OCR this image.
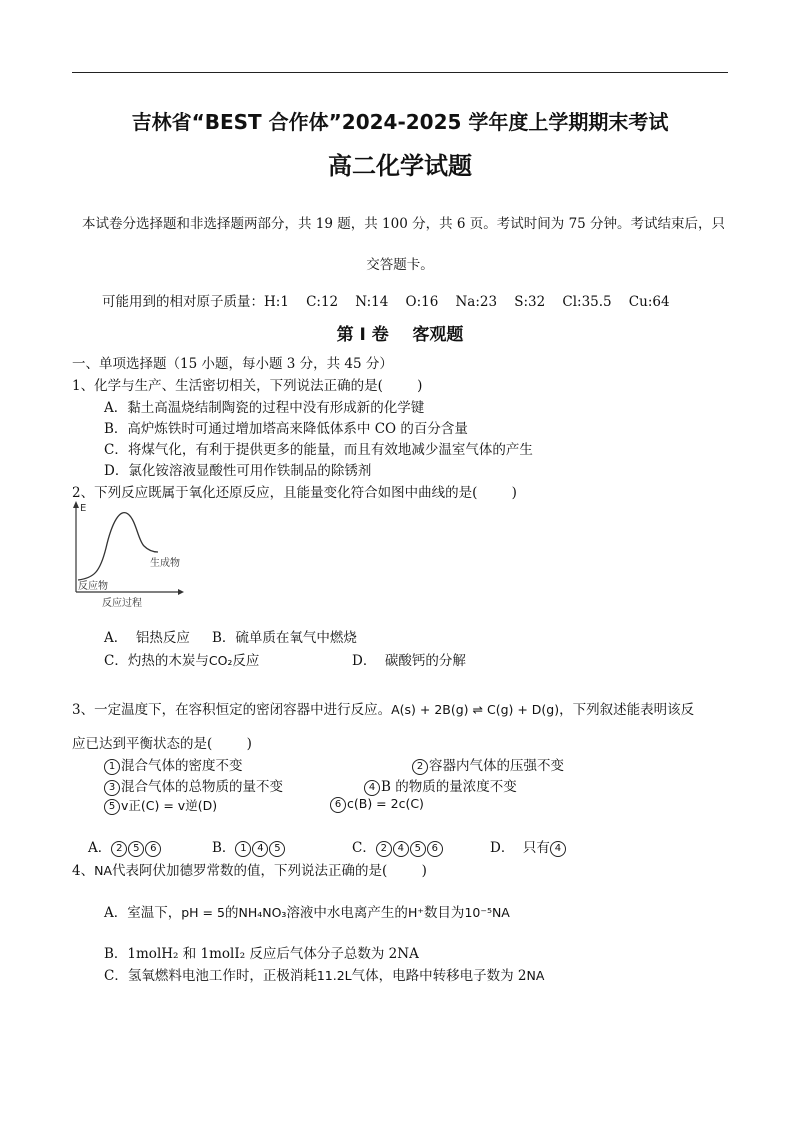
吉林省“BEST 合作体”2024-2025 学年度上学期期末考试
高二化学试题
本试卷分选择题和非选择题两部分，共 19 题，共 100 分，共 6 页。考试时间为 75 分钟。考试结束后，只
交答题卡。
可能用到的相对原子质量：H:1    C:12    N:14    O:16    Na:23    S:32    Cl:35.5    Cu:64
第 Ⅰ 卷    客观题
一、单项选择题（15 小题，每小题 3 分，共 45 分）
1、化学与生产、生活密切相关，下列说法正确的是(        )
A．黏土高温烧结制陶瓷的过程中没有形成新的化学键
B．高炉炼铁时可通过增加塔高来降低体系中 CO 的百分含量
C．将煤气化，有利于提供更多的能量，而且有效地减少温室气体的产生
D．氯化铵溶液显酸性可用作铁制品的除锈剂
2、下列反应既属于氧化还原反应，且能量变化符合如图中曲线的是(        )
E
反应物
生成物
反应过程
A．  铝热反应 B．硫单质在氧气中燃烧
C．灼热的木炭与CO₂反应	D．  碳酸钙的分解
3、一定温度下，在容积恒定的密闭容器中进行反应。A(s) + 2B(g) ⇌ C(g) + D(g)，下列叙述能表明该反
应已达到平衡状态的是(        )
1 混合气体的密度不变	2 容器内气体的压强不变
3 混合气体的总物质的量不变	4 B 的物质的量浓度不变
5 v正(C) = v逆(D)	6 c(B) = 2c(C)
A． 2 5 6	B． 1 4 5	C． 2 4 5 6	D．  只有 4
4、NA代表阿伏加德罗常数的值，下列说法正确的是(        )
A．室温下，pH = 5的NH₄NO₃溶液中水电离产生的H⁺数目为10⁻⁵NA
B．1molH₂ 和 1molI₂ 反应后气体分子总数为 2NA
C．氢氧燃料电池工作时，正极消耗11.2L气体，电路中转移电子数为 2NA
